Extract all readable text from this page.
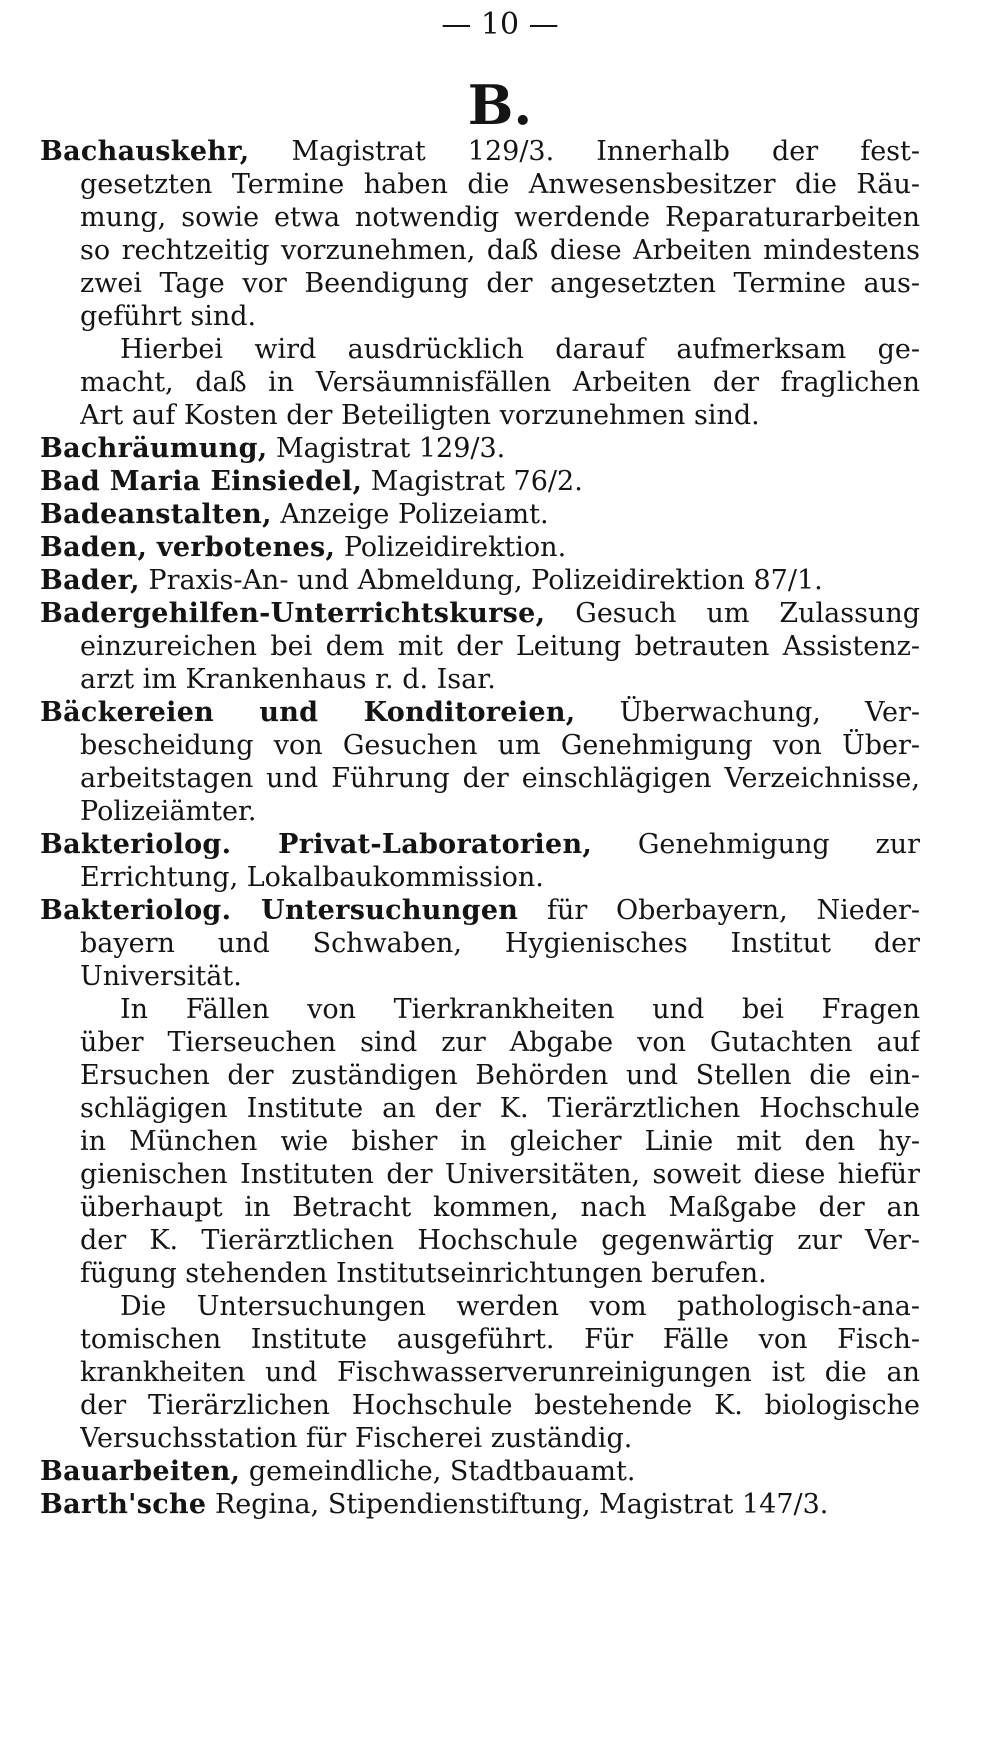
— 10 —
B.
Bachauskehr, Magistrat 129/3. Innerhalb der fest-
gesetzten Termine haben die Anwesensbesitzer die Räu-
mung, sowie etwa notwendig werdende Reparaturarbeiten
so rechtzeitig vorzunehmen, daß diese Arbeiten mindestens
zwei Tage vor Beendigung der angesetzten Termine aus-
geführt sind.
Hierbei wird ausdrücklich darauf aufmerksam ge-
macht, daß in Versäumnisfällen Arbeiten der fraglichen
Art auf Kosten der Beteiligten vorzunehmen sind.
Bachräumung, Magistrat 129/3.
Bad Maria Einsiedel, Magistrat 76/2.
Badeanstalten, Anzeige Polizeiamt.
Baden, verbotenes, Polizeidirektion.
Bader, Praxis-An- und Abmeldung, Polizeidirektion 87/1.
Badergehilfen-Unterrichtskurse, Gesuch um Zulassung
einzureichen bei dem mit der Leitung betrauten Assistenz-
arzt im Krankenhaus r. d. Isar.
Bäckereien und Konditoreien, Überwachung, Ver-
bescheidung von Gesuchen um Genehmigung von Über-
arbeitstagen und Führung der einschlägigen Verzeichnisse,
Polizeiämter.
Bakteriolog. Privat-Laboratorien, Genehmigung zur
Errichtung, Lokalbaukommission.
Bakteriolog. Untersuchungen für Oberbayern, Nieder-
bayern und Schwaben, Hygienisches Institut der
Universität.
In Fällen von Tierkrankheiten und bei Fragen
über Tierseuchen sind zur Abgabe von Gutachten auf
Ersuchen der zuständigen Behörden und Stellen die ein-
schlägigen Institute an der K. Tierärztlichen Hochschule
in München wie bisher in gleicher Linie mit den hy-
gienischen Instituten der Universitäten, soweit diese hiefür
überhaupt in Betracht kommen, nach Maßgabe der an
der K. Tierärztlichen Hochschule gegenwärtig zur Ver-
fügung stehenden Institutseinrichtungen berufen.
Die Untersuchungen werden vom pathologisch-ana-
tomischen Institute ausgeführt. Für Fälle von Fisch-
krankheiten und Fischwasserverunreinigungen ist die an
der Tierärzlichen Hochschule bestehende K. biologische
Versuchsstation für Fischerei zuständig.
Bauarbeiten, gemeindliche, Stadtbauamt.
Barth'sche Regina, Stipendienstiftung, Magistrat 147/3.
